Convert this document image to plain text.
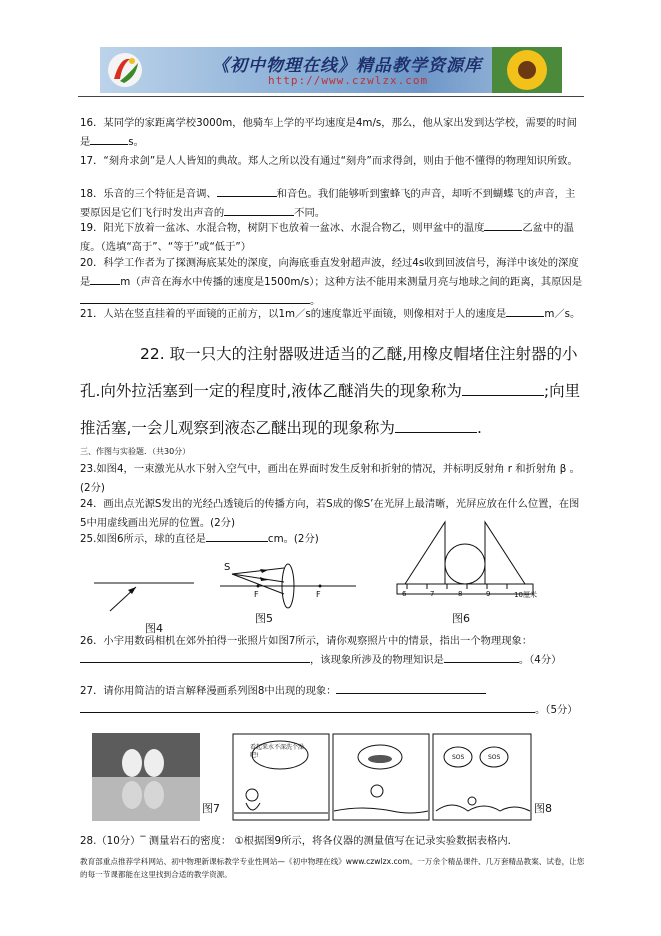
《初中物理在线》精品教学资源库
http://www.czwlzx.com
16．某同学的家距离学校3000m，他骑车上学的平均速度是4m/s，那么，他从家出发到达学校，需要的时间是	s。
17．“刻舟求剑”是人人皆知的典故。郑人之所以没有通过“刻舟”而求得剑，则由于他不懂得的物理知识所致。
18．乐音的三个特征是音调、	和音色。我们能够听到蜜蜂飞的声音，却听不到蝴蝶飞的声音，主要原因是它们飞行时发出声音的	不同。
19．阳光下放着一盆冰、水混合物，树阴下也放着一盆冰、水混合物乙，则甲盆中的温度	乙盆中的温度。（选填“高于”、“等于”或“低于”）
20．科学工作者为了探测海底某处的深度，向海底垂直发射超声波，经过4s收到回波信号，海洋中该处的深度是	m（声音在海水中传播的速度是1500m/s）；这种方法不能用来测量月亮与地球之间的距离，其原因是。
21．人站在竖直挂着的平面镜的正前方，以1m／s的速度靠近平面镜，则像相对于人的速度是	m／s。
22. 取一只大的注射器吸进适当的乙醚,用橡皮帽堵住注射器的小孔.向外拉活塞到一定的程度时,液体乙醚消失的现象称为	;向里推活塞,一会儿观察到液态乙醚出现的现象称为	.
三、作图与实验题．（共30分）
23.如图4，一束激光从水下射入空气中，画出在界面时发生反射和折射的情况，并标明反射角 r 和折射角 β 。(2分)
24．画出点光源S发出的光经凸透镜后的传播方向，若S成的像S’在光屏上最清晰，光屏应放在什么位置，在图5中用虚线画出光屏的位置。(2分)
25.如图6所示，球的直径是	cm。(2分)
图4
S
F	F
图5
6	7	8	9	10厘米
图6
26．小宇用数码相机在郊外拍得一张照片如图7所示，请你观察照片中的情景，指出一个物理现象：，该现象所涉及的物理知识是	。（4分）
27．请你用简洁的语言解释漫画系列图8中出现的现象：
。（5分）
图7
看起来水不深洗个澡吧!	SOS	SOS
图8
28.（10分）‾ 测量岩石的密度： ①根据图9所示，将各仪器的测量值写在记录实验数据表格内.
教育部重点推荐学科网站、初中物理新课标教学专业性网站—《初中物理在线》www.czwlzx.com。一万余个精品课件、几万套精品教案、试卷，让您的每一节课都能在这里找到合适的教学资源。
